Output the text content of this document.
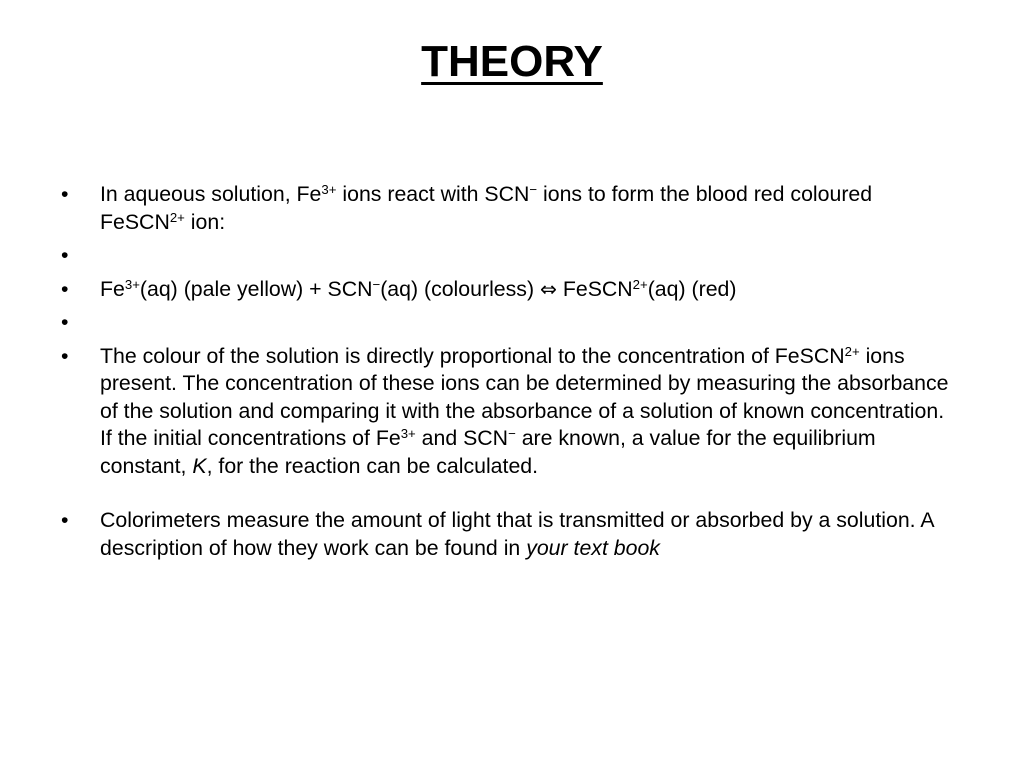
THEORY
•	In aqueous solution, $Fe^{3+}$ ions react with SCN− ions to form the blood red coloured FeSCN$^{2+}$ ion:
•
•	$Fe^{3+}(aq)$ (pale yellow) + SCN−(aq) (colourless) ⇔ FeSCN$^{2+}$(aq) (red)
•
•	The colour of the solution is directly proportional to the concentration of FeSCN$^{2+}$ ions present. The concentration of these ions can be determined by measuring the absorbance of the solution and comparing it with the absorbance of a solution of known concentration. If the initial concentrations of $Fe^{3+}$ and SCN− are known, a value for the equilibrium constant, K, for the reaction can be calculated.
•	Colorimeters measure the amount of light that is transmitted or absorbed by a solution. A description of how they work can be found in your text book
